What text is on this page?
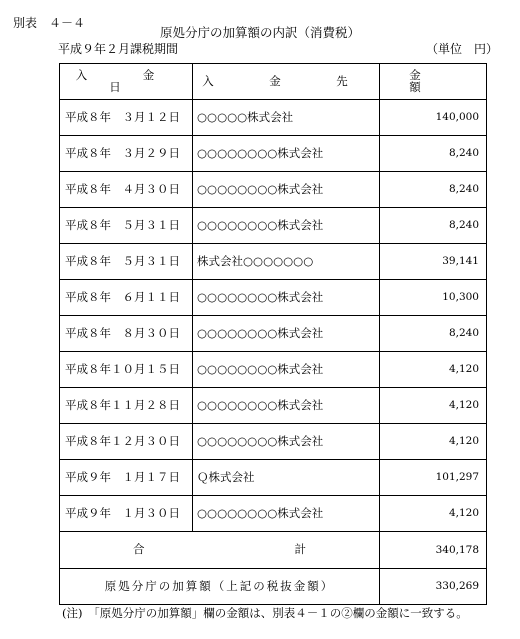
別表　４－４
原処分庁の加算額の内訳（消費税）
平成９年２月課税期間	（単位　円）
入　金　日	入　金　先	金　額
平成８年　３月１２日	○○○○○株式会社	140,000
平成８年　３月２９日	○○○○○○○○株式会社	8,240
平成８年　４月３０日	○○○○○○○○株式会社	8,240
平成８年　５月３１日	○○○○○○○○株式会社	8,240
平成８年　５月３１日	株式会社○○○○○○○	39,141
平成８年　６月１１日	○○○○○○○○株式会社	10,300
平成８年　８月３０日	○○○○○○○○株式会社	8,240
平成８年１０月１５日	○○○○○○○○株式会社	4,120
平成８年１１月２８日	○○○○○○○○株式会社	4,120
平成８年１２月３０日	○○○○○○○○株式会社	4,120
平成９年　１月１７日	Ｑ株式会社	101,297
平成９年　１月３０日	○○○○○○○○株式会社	4,120
合 計		340,178
原処分庁の加算額（上記の税抜金額）		330,269
(注)　「原処分庁の加算額」欄の金額は、別表４－１の②欄の金額に一致する。
